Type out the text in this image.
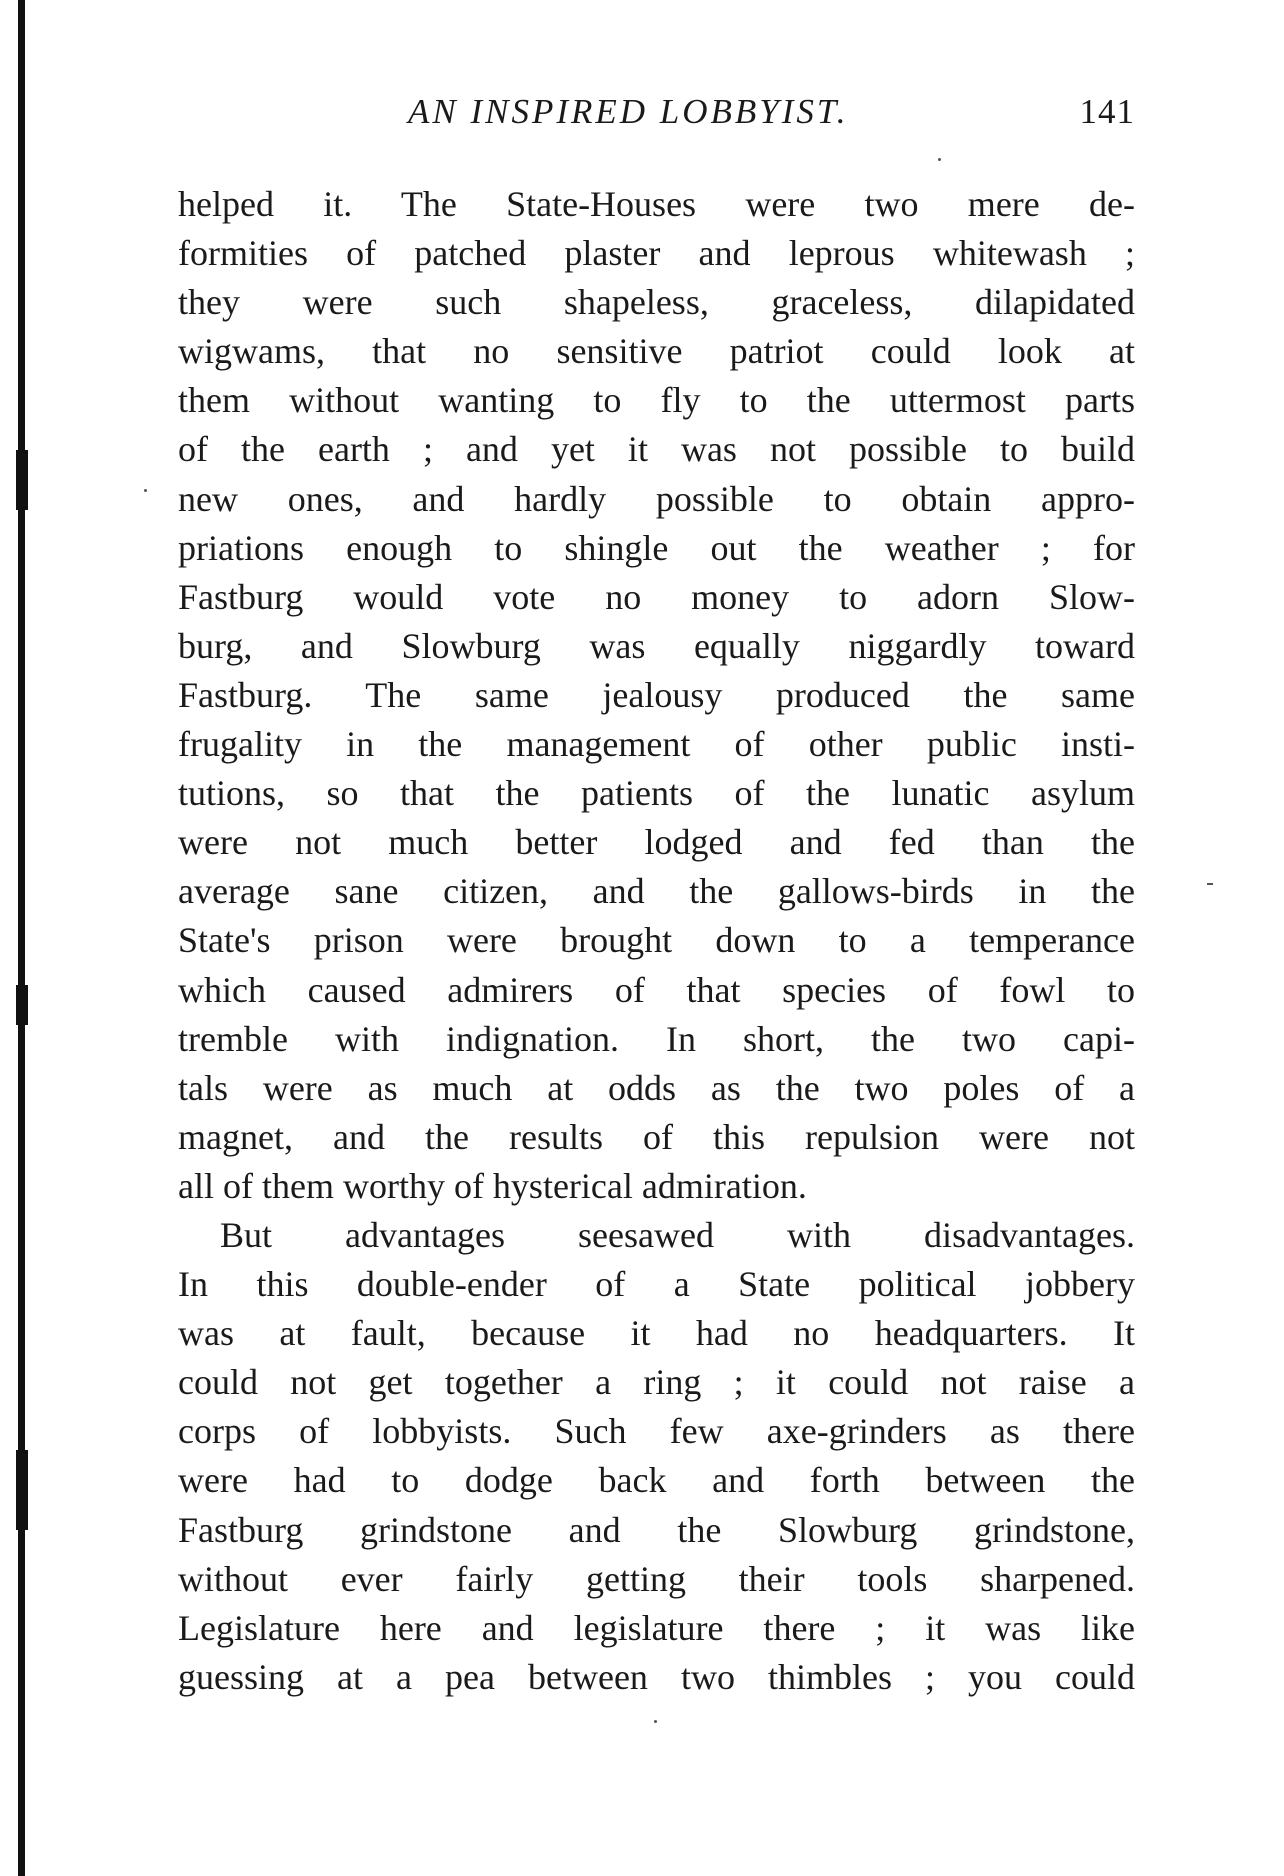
AN INSPIRED LOBBYIST.	141
helped it. The State-Houses were two mere de-
formities of patched plaster and leprous whitewash ;
they were such shapeless, graceless, dilapidated
wigwams, that no sensitive patriot could look at
them without wanting to fly to the uttermost parts
of the earth ; and yet it was not possible to build
new ones, and hardly possible to obtain appro-
priations enough to shingle out the weather ; for
Fastburg would vote no money to adorn Slow-
burg, and Slowburg was equally niggardly toward
Fastburg. The same jealousy produced the same
frugality in the management of other public insti-
tutions, so that the patients of the lunatic asylum
were not much better lodged and fed than the
average sane citizen, and the gallows-birds in the
State's prison were brought down to a temperance
which caused admirers of that species of fowl to
tremble with indignation. In short, the two capi-
tals were as much at odds as the two poles of a
magnet, and the results of this repulsion were not
all of them worthy of hysterical admiration.
But advantages seesawed with disadvantages.
In this double-ender of a State political jobbery
was at fault, because it had no headquarters. It
could not get together a ring ; it could not raise a
corps of lobbyists. Such few axe-grinders as there
were had to dodge back and forth between the
Fastburg grindstone and the Slowburg grindstone,
without ever fairly getting their tools sharpened.
Legislature here and legislature there ; it was like
guessing at a pea between two thimbles ; you could
